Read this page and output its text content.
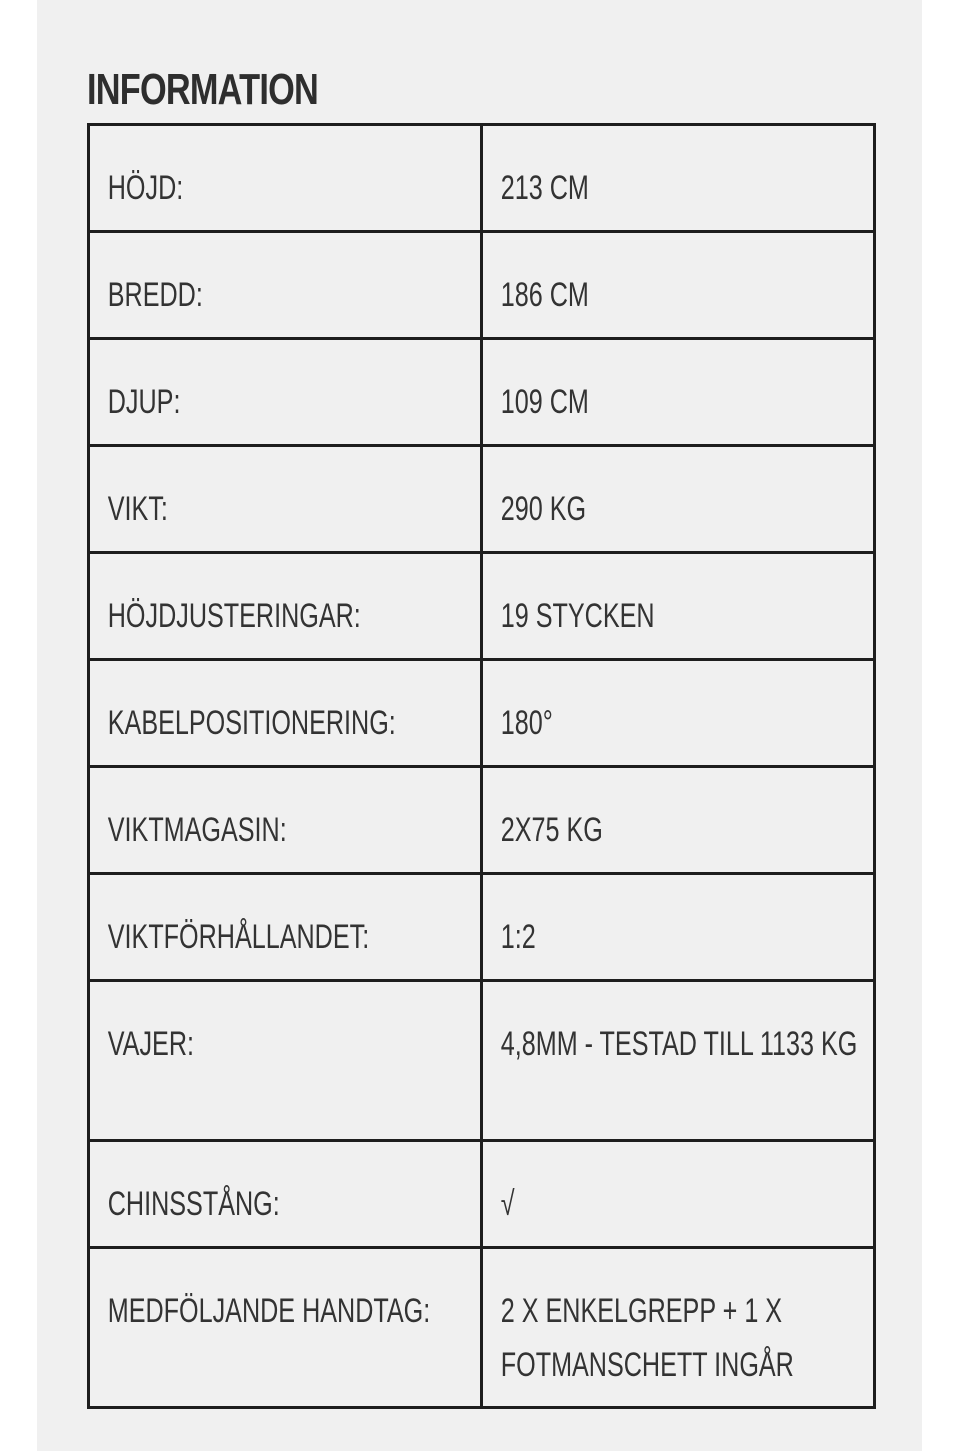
INFORMATION
HÖJD:	213 CM

BREDD:	186 CM

DJUP:	109 CM

VIKT:	290 KG

HÖJDJUSTERINGAR:	19 STYCKEN

KABELPOSITIONERING:	180°

VIKTMAGASIN:	2X75 KG

VIKTFÖRHÅLLANDET:	1:2

VAJER:	4,8MM - TESTAD TILL 1133 KG

CHINSSTÅNG:	√

MEDFÖLJANDE HANDTAG:	2 X ENKELGREPP + 1 X FOTMANSCHETT INGÅR
